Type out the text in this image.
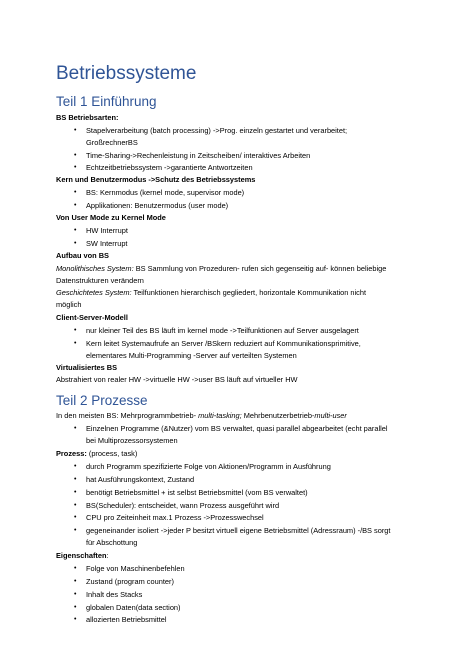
Betriebssysteme
Teil 1 Einführung
BS Betriebsarten:
• Stapelverarbeitung (batch processing) ->Prog. einzeln gestartet und verarbeitet;
GroßrechnerBS
• Time-Sharing->Rechenleistung in Zeitscheiben/ interaktives Arbeiten
• Echtzeitbetriebssystem ->garantierte Antwortzeiten
Kern und Benutzermodus ->Schutz des Betriebssystems
• BS: Kernmodus (kernel mode, supervisor mode)
• Applikationen: Benutzermodus (user mode)
Von User Mode zu Kernel Mode
• HW Interrupt
• SW Interrupt
Aufbau von BS
Monolithisches System: BS Sammlung von Prozeduren- rufen sich gegenseitig auf- können beliebige
Datenstrukturen verändern
Geschichtetes System: Teilfunktionen hierarchisch gegliedert, horizontale Kommunikation nicht
möglich
Client-Server-Modell
• nur kleiner Teil des BS läuft im kernel mode ->Teilfunktionen auf Server ausgelagert
• Kern leitet Systemaufrufe an Server /BSkern reduziert auf Kommunikationsprimitive,
elementares Multi-Programming -Server auf verteilten Systemen
Virtualisiertes BS
Abstrahiert von realer HW ->virtuelle HW ->user BS läuft auf virtueller HW
Teil 2 Prozesse
In den meisten BS: Mehrprogrammbetrieb- multi-tasking; Mehrbenutzerbetrieb-multi-user
• Einzelnen Programme (&Nutzer) vom BS verwaltet, quasi parallel abgearbeitet (echt parallel
bei Multiprozessorsystemen
Prozess: (process, task)
• durch Programm spezifizierte Folge von Aktionen/Programm in Ausführung
• hat Ausführungskontext, Zustand
• benötigt Betriebsmittel + ist selbst Betriebsmittel (vom BS verwaltet)
• BS(Scheduler): entscheidet, wann Prozess ausgeführt wird
• CPU pro Zeiteinheit max.1 Prozess ->Prozesswechsel
• gegeneinander isoliert ->jeder P besitzt virtuell eigene Betriebsmittel (Adressraum) -/BS sorgt
für Abschottung
Eigenschaften:
• Folge von Maschinenbefehlen
• Zustand (program counter)
• Inhalt des Stacks
• globalen Daten(data section)
• allozierten Betriebsmittel
